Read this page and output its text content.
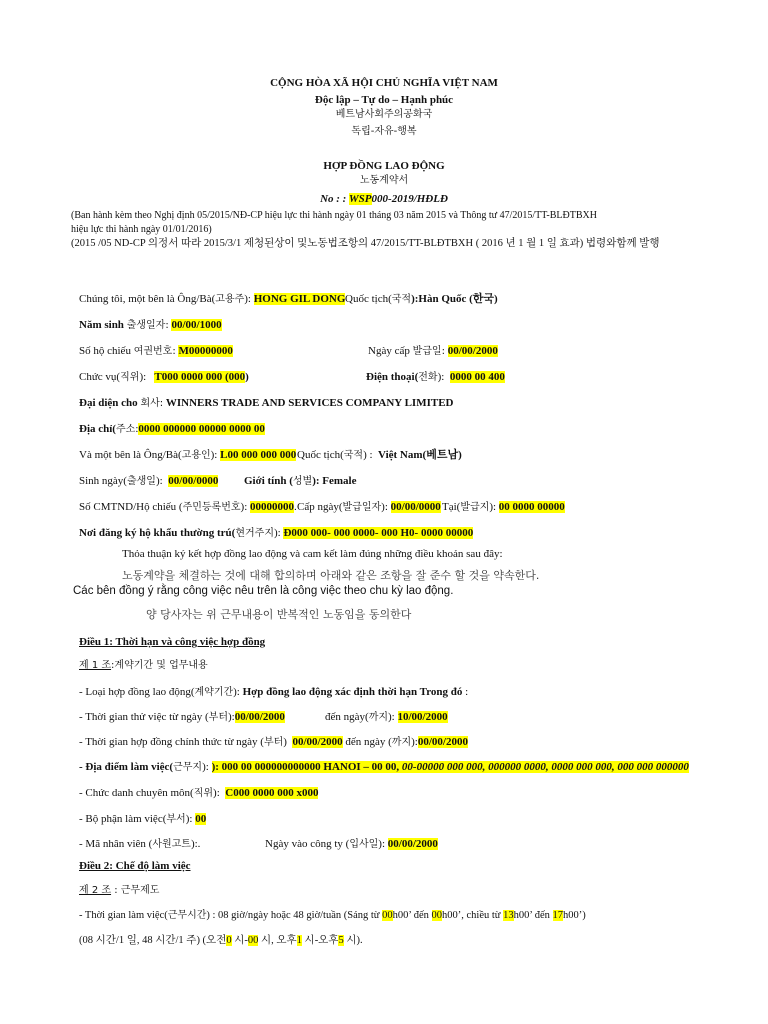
CỘNG HÒA XÃ HỘI CHỦ NGHĨA VIỆT NAM
Độc lập – Tự do – Hạnh phúc
베트남사회주의공화국
독립-자유-행복
HỢP ĐỒNG LAO ĐỘNG
노동계약서
No : : WSP000-2019/HĐLĐ
(Ban hành kèm theo Nghị định 05/2015/NĐ-CP hiệu lực thi hành ngày 01 tháng 03 năm 2015 và Thông tư 47/2015/TT-BLĐTBXH
hiệu lực thi hành ngày 01/01/2016)
(2015 /05 ND-CP 의정서 따라 2015/3/1 제청된상이 및노동법조항의 47/2015/TT-BLĐTBXH ( 2016 년 1 월 1 일 효과) 법령와함께 발행
Chúng tôi, một bên là Ông/Bà(고용주): HONG GIL DONG Quốc tịch(국적):Hàn Quốc (한국)
Năm sinh 출생일자: 00/00/1000
Số hộ chiếu 여권번호: M00000000	Ngày cấp 발급일: 00/00/2000
Chức vụ(직위): T000 0000 000 (000)	Điện thoại(전화): 0000 00 400
Đại diện cho 회사: WINNERS TRADE AND SERVICES COMPANY LIMITED
Địa chỉ(주소:0000 000000 00000 0000 00
Và một bên là Ông/Bà(고용인): L00 000 000 000 Quốc tịch(국적) : Việt Nam(베트남)
Sinh ngày(출생일): 00/00/0000 Giới tính (성별): Female
Số CMTND/Hộ chiếu (주민등록번호): 00000000. Cấp ngày(발급일자): 00/00/0000 Tại(발급지): 00 0000 00000
Nơi đăng ký hộ khẩu thường trú(현거주지): Đ000 000- 000 0000- 000 H0- 0000 00000
Thỏa thuận ký kết hợp đồng lao động và cam kết làm đúng những điều khoản sau đây:
노동계약을 체결하는 것에 대해 합의하며 아래와 같은 조항을 잘 준수 할 것을 약속한다.
Các bên đồng ý rằng công việc nêu trên là công việc theo chu kỳ lao động.
양 당사자는 위 근무내용이 반복적인 노동임을 동의한다
Điều 1: Thời hạn và công việc hợp đồng
제 1 조:계약기간 및 업무내용
- Loại hợp đồng lao động(계약기간): Hợp đồng lao động xác định thời hạn Trong đó :
- Thời gian thử việc từ ngày (부터):00/00/2000	đến ngày(까지): 10/00/2000
- Thời gian hợp đồng chính thức từ ngày (부터) 00/00/2000 đến ngày (까지):00/00/2000
- Địa điểm làm việc(근무지): ): 000 00 000000000000 HANOI – 00 00, 00-00000 000 000, 000000 0000, 0000 000 000, 000 000 000000
- Chức danh chuyên môn(직위): C000 0000 000 x000
- Bộ phận làm việc(부서): 00
- Mã nhân viên (사원고트):.	Ngày vào công ty (입사일): 00/00/2000
Điều 2: Chế độ làm việc
제 2 조 : 근무제도
- Thời gian làm việc(근무시간) : 08 giờ/ngày hoặc 48 giờ/tuần (Sáng từ 00h00’ đến 00h00’, chiều từ 13h00’ đến 17h00’)
(08 시간/1 일, 48 시간/1 주) (오전0 시-00 시, 오후1 시-오후5 시).
